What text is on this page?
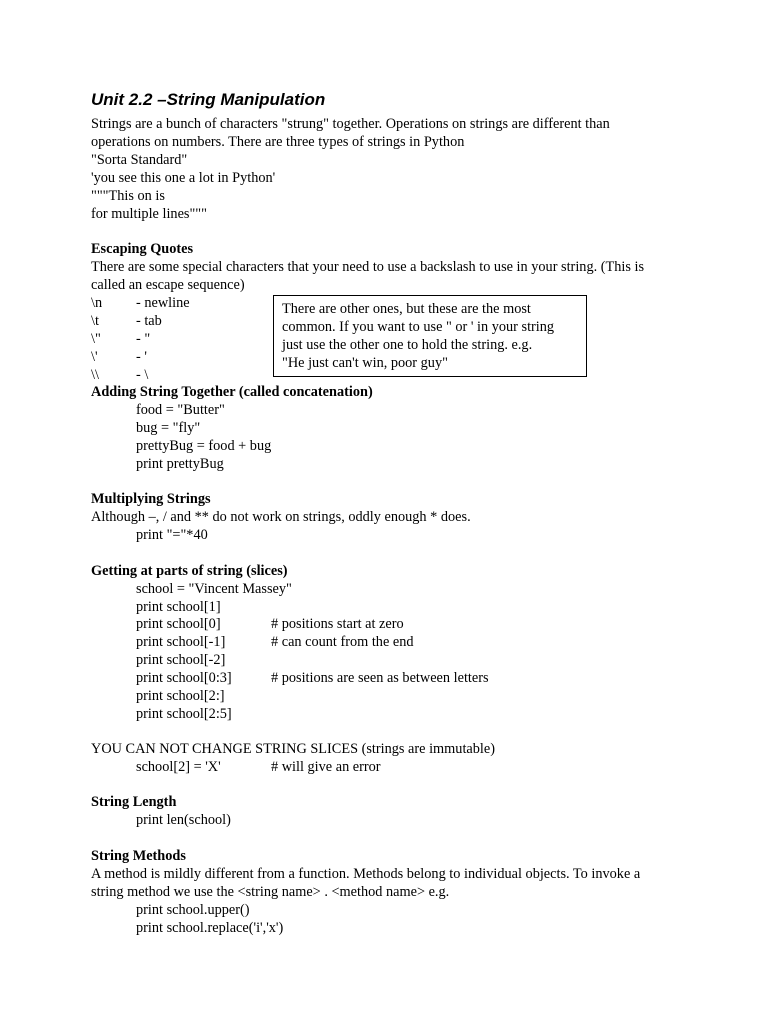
Unit 2.2 –String Manipulation
Strings are a bunch of characters "strung" together. Operations on strings are different than
operations on numbers. There are three types of strings in Python
"Sorta Standard"
'you see this one a lot in Python'
"""This on is
for multiple lines"""
Escaping Quotes
There are some special characters that your need to use a backslash to use in your string. (This is
called an escape sequence)
\n - newline
\t	- tab
\" - "
\'	- '
\\	- \
There are other ones, but these are the most
common. If you want to use " or ' in your string
just use the other one to hold the string. e.g.
"He just can't win, poor guy"
Adding String Together (called concatenation)
food = "Butter"
bug = "fly"
prettyBug = food + bug
print prettyBug
Multiplying Strings
Although –, / and ** do not work on strings, oddly enough * does.
print "="*40
Getting at parts of string (slices)
school = "Vincent Massey"
print school[1]
print school[0]	# positions start at zero
print school[-1]	# can count from the end
print school[-2]
print school[0:3]	# positions are seen as between letters
print school[2:]
print school[2:5]
YOU CAN NOT CHANGE STRING SLICES (strings are immutable)
school[2] = 'X'	# will give an error
String Length
print len(school)
String Methods
A method is mildly different from a function. Methods belong to individual objects. To invoke a
string method we use the <string name> . <method name> e.g.
print school.upper()
print school.replace('i','x')
